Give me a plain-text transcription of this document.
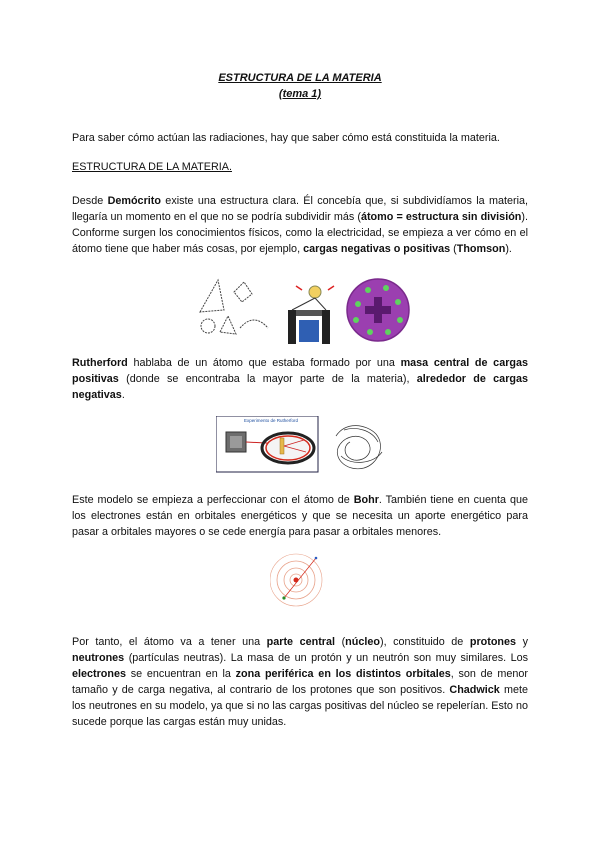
ESTRUCTURA DE LA MATERIA
(tema 1)
Para saber cómo actúan las radiaciones, hay que saber cómo está constituida la materia.
ESTRUCTURA DE LA MATERIA.
Desde Demócrito existe una estructura clara. Él concebía que, si subdividíamos la materia, llegaría un momento en el que no se podría subdividir más (átomo = estructura sin división). Conforme surgen los conocimientos físicos, como la electricidad, se empieza a ver cómo en el átomo tiene que haber más cosas, por ejemplo, cargas negativas o positivas (Thomson).
Rutherford hablaba de un átomo que estaba formado por una masa central de cargas positivas (donde se encontraba la mayor parte de la materia), alrededor de cargas negativas.
Experimento de Rutherford
Este modelo se empieza a perfeccionar con el átomo de Bohr. También tiene en cuenta que los electrones están en orbitales energéticos y que se necesita un aporte energético para pasar a orbitales mayores o se cede energía para pasar a orbitales menores.
Por tanto, el átomo va a tener una parte central (núcleo), constituido de protones y neutrones (partículas neutras). La masa de un protón y un neutrón son muy similares. Los electrones se encuentran en la zona periférica en los distintos orbitales, son de menor tamaño y de carga negativa, al contrario de los protones que son positivos. Chadwick mete los neutrones en su modelo, ya que si no las cargas positivas del núcleo se repelerían. Esto no sucede porque las cargas están muy unidas.
